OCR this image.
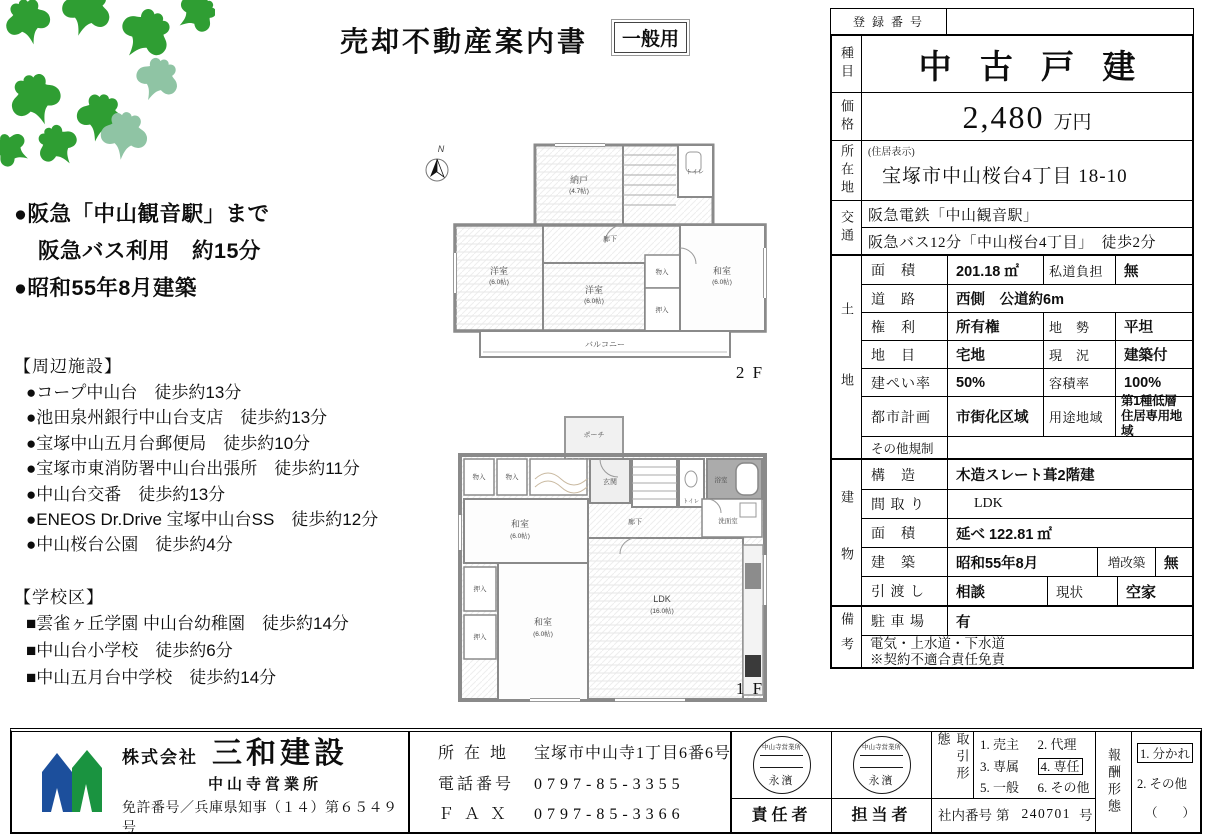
売却不動産案内書 一般用
●阪急「中山観音駅」まで
阪急バス利用　約15分
●昭和55年8月建築
【周辺施設】
●コープ中山台　徒歩約13分
●池田泉州銀行中山台支店　徒歩約13分
●宝塚中山五月台郵便局　徒歩約10分
●宝塚市東消防署中山台出張所　徒歩約11分
●中山台交番　徒歩約13分
●ENEOS Dr.Drive 宝塚中山台SS　徒歩約12分
●中山桜台公園　徒歩約4分
【学校区】
■雲雀ヶ丘学園 中山台幼稚園　徒歩約14分
■中山台小学校　徒歩約6分
■中山五月台中学校　徒歩約14分
N
納戸
(4.7帖)
洋室
(6.0帖)
洋室
(6.0帖)
和室
(6.0帖)
物入
押入
廊下
トイレ
バルコニー
2 F
ポーチ
物入	物入
玄関
トイレ
浴室
洗面室
和室
(6.0帖)
押入
押入
和室
(6.0帖)
廊下
LDK
(16.0帖)
1 F
登 録 番 号
種目	中 古 戸 建
価格	2,480 万円
所在地	(住居表示)
宝塚市中山桜台4丁目 18-10
交通 阪急電鉄「中山観音駅」
阪急バス12分「中山桜台4丁目」　徒歩2分
土地
面　積	201.18 ㎡	私道負担	無
道　路	西側　公道約6m
権　利	所有権	地　勢	平坦
地　目	宅地	現　況	建築付
建ぺい率	50%	容積率	100%
都市計画	市街化区域	用途地域
第1種低層
住居専用地域
その他規制
建物
構　造	木造スレート葺2階建
間 取 り	LDK
面　積	延べ 122.81 ㎡
建　築	昭和55年8月	増改築	無
引 渡 し	相談	現状	空家
備考	駐 車 場	有
電気・上水道・下水道
※契約不適合責任免責
株式会社 三和建設
中山寺営業所
免許番号／兵庫県知事（１４）第６５４９号
所 在 地 宝塚市中山寺1丁目6番6号
電話番号 0797-85-3355
Ｆ Ａ Ｘ 0797-85-3366
中山寺営業所
永濱
責任者
中山寺営業所
永濱
担当者
取引形態	1. 売主	2. 代理
3. 専属	4. 専任
5. 一般	6. その他
社内番号 第 240701 号	報酬形態	1. 分かれ
2. その他
（　　）
